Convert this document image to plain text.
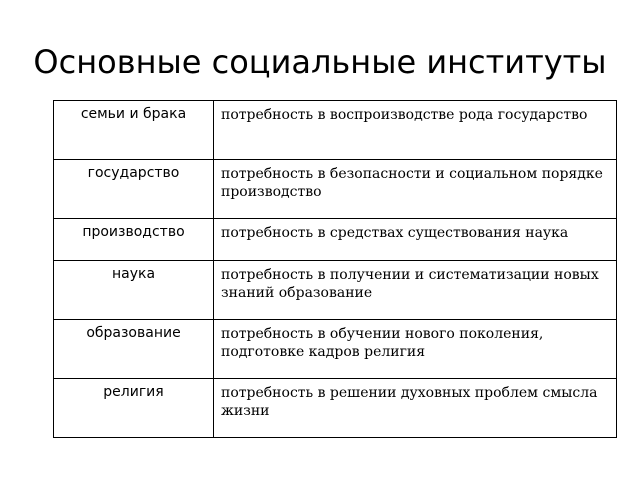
Основные социальные институты
семьи и брака	потребность в воспроизводстве рода государство
государство	потребность в безопасности и социальном порядке производство
производство	потребность в средствах существования наука
наука	потребность в получении и систематизации новых знаний образование
образование	потребность в обучении нового поколения, подготовке кадров религия
религия	потребность в решении духовных проблем смысла жизни
